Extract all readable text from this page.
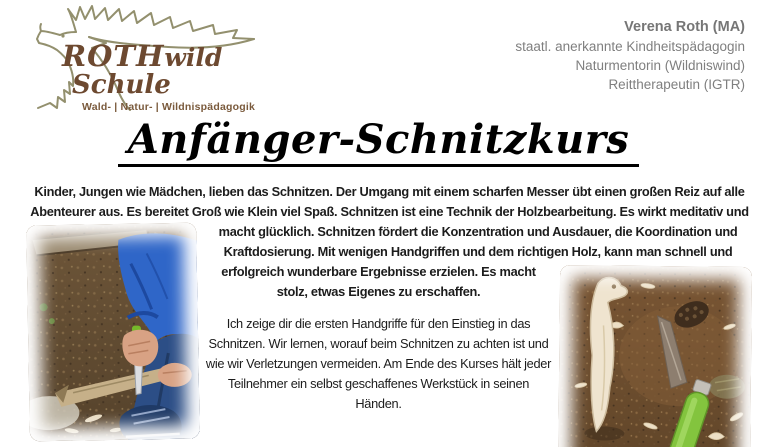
ROTHwild
Schule
Wald- | Natur- | Wildnispädagogik
Verena Roth (MA)
staatl. anerkannte Kindheitspädagogin
Naturmentorin (Wildniswind)
Reittherapeutin (IGTR)
Anfänger-Schnitzkurs

Kinder, Jungen wie Mädchen, lieben das Schnitzen. Der Umgang mit einem scharfen Messer übt einen großen Reiz auf alle Abenteurer aus. Es bereitet Groß wie Klein viel Spaß. Schnitzen ist eine Technik der Holzbearbeitung. Es wirkt meditativ und macht glücklich. Schnitzen fördert die Konzentration und Ausdauer, die Koordination und Kraftdosierung. Mit wenigen Handgriffen und dem richtigen Holz, kann man schnell und erfolgreich wunderbare Ergebnisse erzielen. Es macht stolz, etwas Eigenes zu erschaffen.

Ich zeige dir die ersten Handgriffe für den Einstieg in das Schnitzen. Wir lernen, worauf beim Schnitzen zu achten ist und wie wir Verletzungen vermeiden. Am Ende des Kurses hält jeder Teilnehmer ein selbst geschaffenes Werkstück in seinen Händen.
